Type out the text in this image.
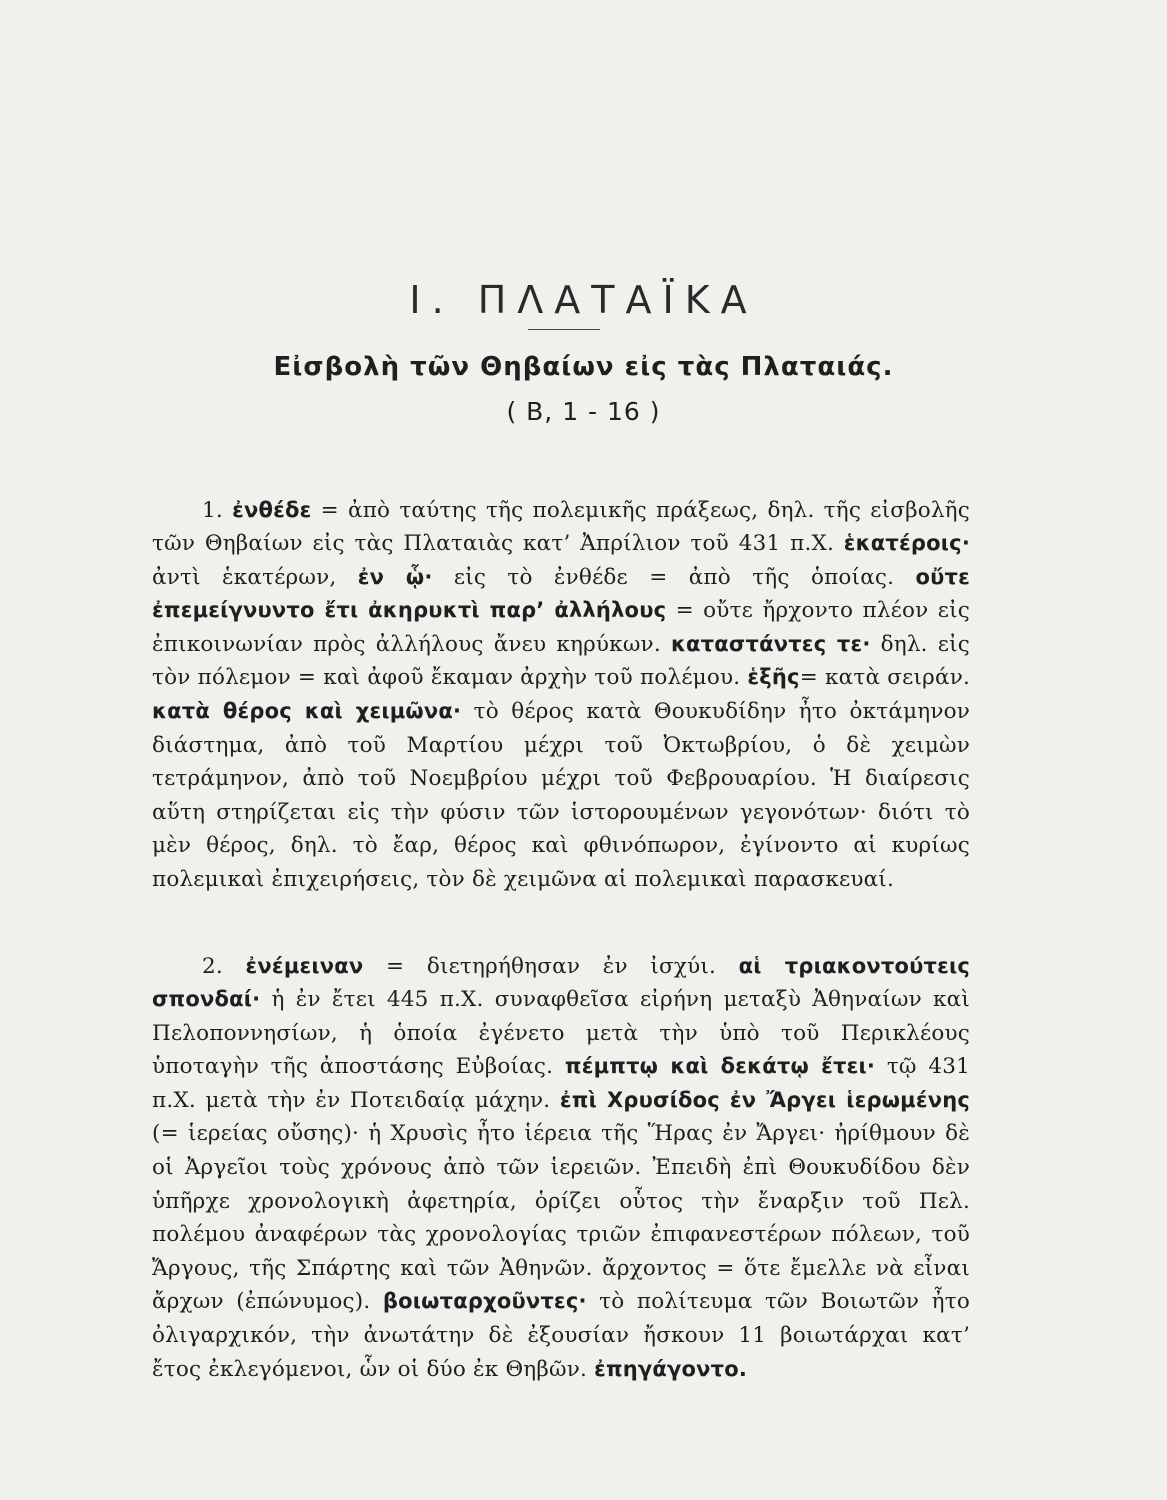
Ι. ΠΛΑΤΑΪΚΑ
Εἰσβολὴ τῶν Θηβαίων εἰς τὰς Πλαταιάς.
( Β, 1 - 16 )

1. ἐνθέδε = ἀπὸ ταύτης τῆς πολεμικῆς πράξεως, δηλ. τῆς εἰσβολῆς τῶν Θηβαίων εἰς τὰς Πλαταιὰς κατ’ Ἀπρίλιον τοῦ 431 π.Χ. ἑκατέροις· ἀντὶ ἑκατέρων, ἐν ᾧ· εἰς τὸ ἐνθέδε = ἀπὸ τῆς ὁποίας. οὔτε ἐπεμείγνυντο ἔτι ἀκηρυκτὶ παρ’ ἀλλήλους = οὔτε ἤρχοντο πλέον εἰς ἐπικοινωνίαν πρὸς ἀλλήλους ἄνευ κηρύκων. καταστάντες τε· δηλ. εἰς τὸν πόλεμον = καὶ ἀφοῦ ἔκαμαν ἀρχὴν τοῦ πολέμου. ἑξῆς= κατὰ σειράν. κατὰ θέρος καὶ χειμῶνα· τὸ θέρος κατὰ Θουκυδίδην ἦτο ὀκτάμηνον διάστημα, ἀπὸ τοῦ Μαρτίου μέχρι τοῦ Ὀκτωβρίου, ὁ δὲ χειμὼν τετράμηνον, ἀπὸ τοῦ Νοεμβρίου μέχρι τοῦ Φεβρουαρίου. Ἡ διαίρεσις αὕτη στηρίζεται εἰς τὴν φύσιν τῶν ἱστορουμένων γεγονότων· διότι τὸ μὲν θέρος, δηλ. τὸ ἔαρ, θέρος καὶ φθινόπωρον, ἐγίνοντο αἱ κυρίως πολεμικαὶ ἐπιχειρήσεις, τὸν δὲ χειμῶνα αἱ πολεμικαὶ παρασκευαί.

2. ἐνέμειναν = διετηρήθησαν ἐν ἰσχύι. αἱ τριακοντούτεις σπονδαί· ἡ ἐν ἔτει 445 π.Χ. συναφθεῖσα εἰρήνη μεταξὺ Ἀθηναίων καὶ Πελοποννησίων, ἡ ὁποία ἐγένετο μετὰ τὴν ὑπὸ τοῦ Περικλέους ὑποταγὴν τῆς ἀποστάσης Εὐβοίας. πέμπτῳ καὶ δεκάτῳ ἔτει· τῷ 431 π.Χ. μετὰ τὴν ἐν Ποτειδαίᾳ μάχην. ἐπὶ Χρυσίδος ἐν Ἄργει ἱερωμένης (= ἱερείας οὔσης)· ἡ Χρυσὶς ἦτο ἱέρεια τῆς Ἥρας ἐν Ἄργει· ἠρίθμουν δὲ οἱ Ἀργεῖοι τοὺς χρόνους ἀπὸ τῶν ἱερειῶν. Ἐπειδὴ ἐπὶ Θουκυδίδου δὲν ὑπῆρχε χρονολογικὴ ἀφετηρία, ὁρίζει οὗτος τὴν ἔναρξιν τοῦ Πελ. πολέμου ἀναφέρων τὰς χρονολογίας τριῶν ἐπιφανεστέρων πόλεων, τοῦ Ἄργους, τῆς Σπάρτης καὶ τῶν Ἀθηνῶν. ἄρχοντος = ὅτε ἔμελλε νὰ εἶναι ἄρχων (ἐπώνυμος). βοιωταρχοῦντες· τὸ πολίτευμα τῶν Βοιωτῶν ἦτο ὀλιγαρχικόν, τὴν ἀνωτάτην δὲ ἐξουσίαν ἤσκουν 11 βοιωτάρχαι κατ’ ἔτος ἐκλεγόμενοι, ὧν οἱ δύο ἐκ Θηβῶν. ἐπηγάγοντο.
